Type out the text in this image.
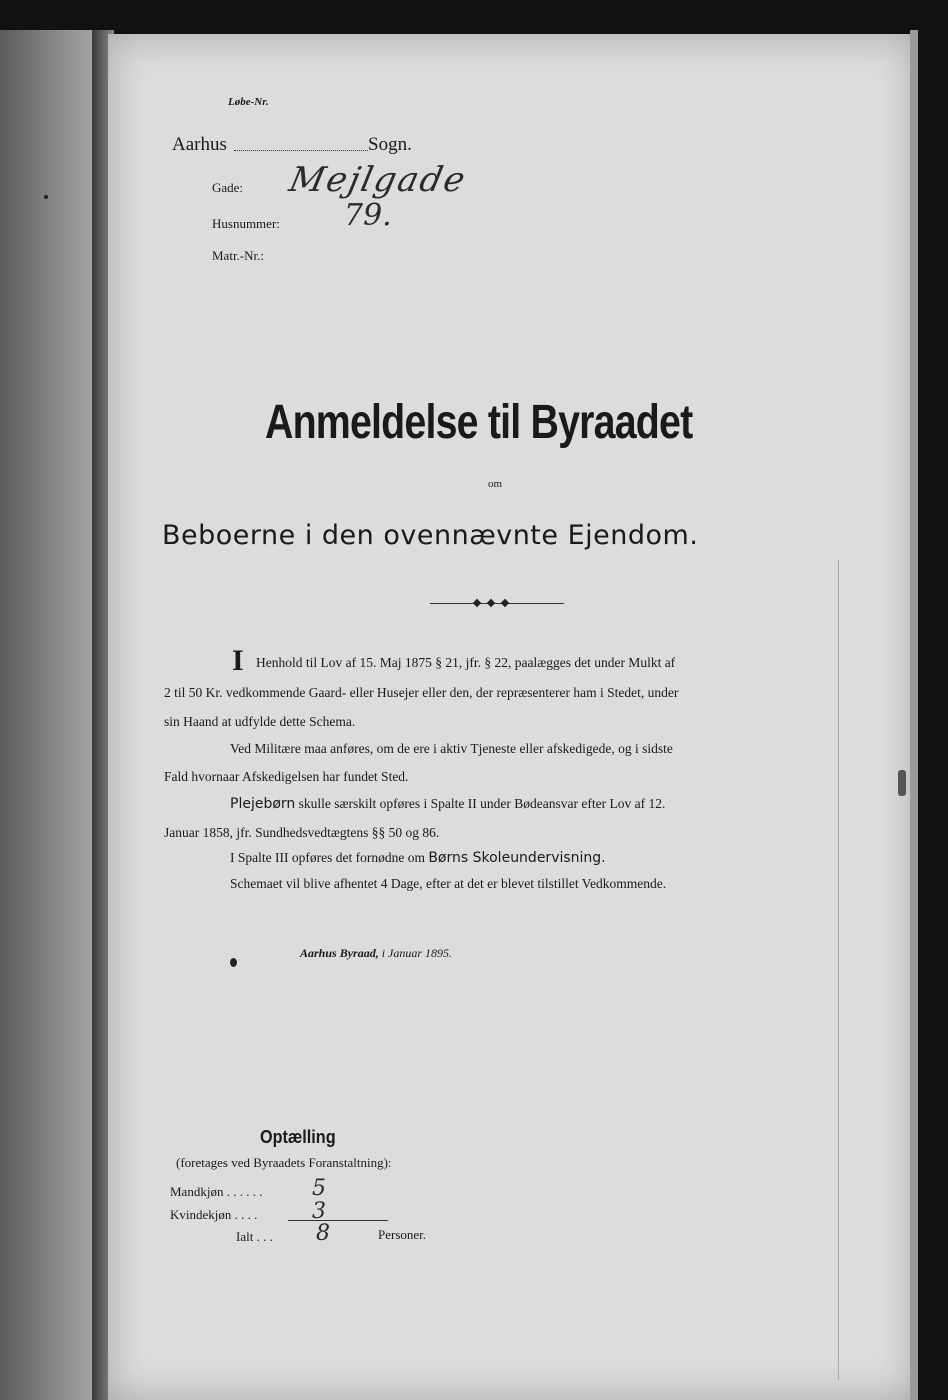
Løbe-Nr.
Aarhus	Sogn.
Gade: Mejlgade
Husnummer: 79.
Matr.-Nr.:
Anmeldelse til Byraadet
om
Beboerne i den ovennævnte Ejendom.
I Henhold til Lov af 15. Maj 1875 § 21, jfr. § 22, paalægges det under Mulkt af
2 til 50 Kr. vedkommende Gaard- eller Husejer eller den, der repræsenterer ham i Stedet, under
sin Haand at udfylde dette Schema.
Ved Militære maa anføres, om de ere i aktiv Tjeneste eller afskedigede, og i sidste
Fald hvornaar Afskedigelsen har fundet Sted.
Plejebørn skulle særskilt opføres i Spalte II under Bødeansvar efter Lov af 12.
Januar 1858, jfr. Sundhedsvedtægtens §§ 50 og 86.
I Spalte III opføres det fornødne om Børns Skoleundervisning.
Schemaet vil blive afhentet 4 Dage, efter at det er blevet tilstillet Vedkommende.
Aarhus Byraad, i Januar 1895.
Optælling
(foretages ved Byraadets Foranstaltning):
Mandkjøn . . . . . . 5
Kvindekjøn . . . . 3
Ialt . . . 8	Personer.
